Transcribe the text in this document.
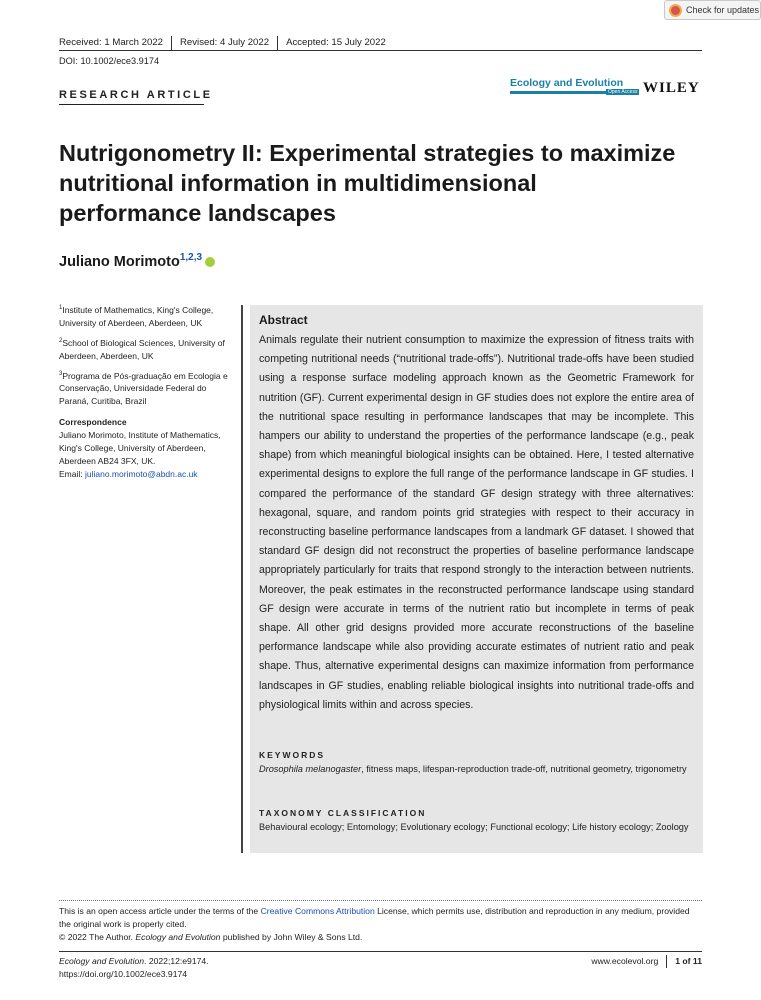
Check for updates
Received: 1 March 2022	Revised: 4 July 2022	Accepted: 15 July 2022
DOI: 10.1002/ece3.9174
RESEARCH ARTICLE
Ecology and Evolution
Open Access WILEY
Nutrigonometry II: Experimental strategies to maximize nutritional information in multidimensional performance landscapes
Juliano Morimoto$^{1,2,3}$

$^1$Institute of Mathematics, King's College, University of Aberdeen, Aberdeen, UK

$^2$School of Biological Sciences, University of Aberdeen, Aberdeen, UK

$^3$Programa de Pós-graduação em Ecologia e Conservação, Universidade Federal do Paraná, Curitiba, Brazil

Correspondence
Juliano Morimoto, Institute of Mathematics, King's College, University of Aberdeen, Aberdeen AB24 3FX, UK.
Email: juliano.morimoto@abdn.ac.uk
Abstract

Animals regulate their nutrient consumption to maximize the expression of fitness traits with competing nutritional needs (“nutritional trade-offs”). Nutritional trade-offs have been studied using a response surface modeling approach known as the Geometric Framework for nutrition (GF). Current experimental design in GF studies does not explore the entire area of the nutritional space resulting in performance landscapes that may be incomplete. This hampers our ability to understand the properties of the performance landscape (e.g., peak shape) from which meaningful biological insights can be obtained. Here, I tested alternative experimental designs to explore the full range of the performance landscape in GF studies. I compared the performance of the standard GF design strategy with three alternatives: hexagonal, square, and random points grid strategies with respect to their accuracy in reconstructing baseline performance landscapes from a landmark GF dataset. I showed that standard GF design did not reconstruct the properties of baseline performance landscape appropriately particularly for traits that respond strongly to the interaction between nutrients. Moreover, the peak estimates in the reconstructed performance landscape using standard GF design were accurate in terms of the nutrient ratio but incomplete in terms of peak shape. All other grid designs provided more accurate reconstructions of the baseline performance landscape while also providing accurate estimates of nutrient ratio and peak shape. Thus, alternative experimental designs can maximize information from performance landscapes in GF studies, enabling reliable biological insights into nutritional trade-offs and physiological limits within and across species.

KEYWORDS
Drosophila melanogaster, fitness maps, lifespan-reproduction trade-off, nutritional geometry, trigonometry
TAXONOMY CLASSIFICATION
Behavioural ecology; Entomology; Evolutionary ecology; Functional ecology; Life history ecology; Zoology
This is an open access article under the terms of the Creative Commons Attribution License, which permits use, distribution and reproduction in any medium, provided the original work is properly cited.
© 2022 The Author. Ecology and Evolution published by John Wiley & Sons Ltd.
Ecology and Evolution. 2022;12:e9174.
https://doi.org/10.1002/ece3.9174
www.ecolevol.org	1 of 11
